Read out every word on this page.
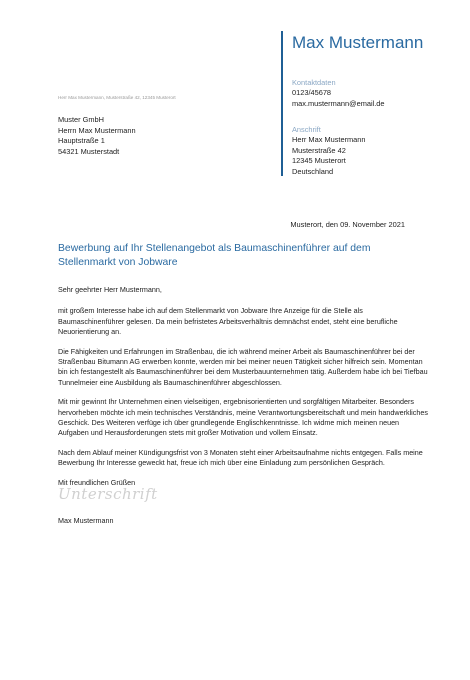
Max Mustermann
Kontaktdaten
0123/45678
max.mustermann@email.de
Anschrift
Herr Max Mustermann
Musterstraße 42
12345 Musterort
Deutschland
Herr Max Mustermann, Musterstraße 42, 12345 Musterort
Muster GmbH
Herrn Max Mustermann
Hauptstraße 1
54321 Musterstadt
Musterort, den 09. November 2021
Bewerbung auf Ihr Stellenangebot als Baumaschinenführer auf dem Stellenmarkt von Jobware

Sehr geehrter Herr Mustermann,

mit großem Interesse habe ich auf dem Stellenmarkt von Jobware Ihre Anzeige für die Stelle als Baumaschinenführer gelesen. Da mein befristetes Arbeitsverhältnis demnächst endet, steht eine berufliche Neuorientierung an.

Die Fähigkeiten und Erfahrungen im Straßenbau, die ich während meiner Arbeit als Baumaschinenführer bei der Straßenbau Bitumann AG erwerben konnte, werden mir bei meiner neuen Tätigkeit sicher hilfreich sein. Momentan bin ich festangestellt als Baumaschinenführer bei dem Musterbauunternehmen tätig. Außerdem habe ich bei Tiefbau Tunnelmeier eine Ausbildung als Baumaschinenführer abgeschlossen.

Mit mir gewinnt Ihr Unternehmen einen vielseitigen, ergebnisorientierten und sorgfältigen Mitarbeiter. Besonders hervorheben möchte ich mein technisches Verständnis, meine Verantwortungsbereitschaft und mein handwerkliches Geschick. Des Weiteren verfüge ich über grundlegende Englischkenntnisse. Ich widme mich meinen neuen Aufgaben und Herausforderungen stets mit großer Motivation und vollem Einsatz.

Nach dem Ablauf meiner Kündigungsfrist von 3 Monaten steht einer Arbeitsaufnahme nichts entgegen. Falls meine Bewerbung Ihr Interesse geweckt hat, freue ich mich über eine Einladung zum persönlichen Gespräch.

Mit freundlichen Grüßen

Unterschrift
Max Mustermann
